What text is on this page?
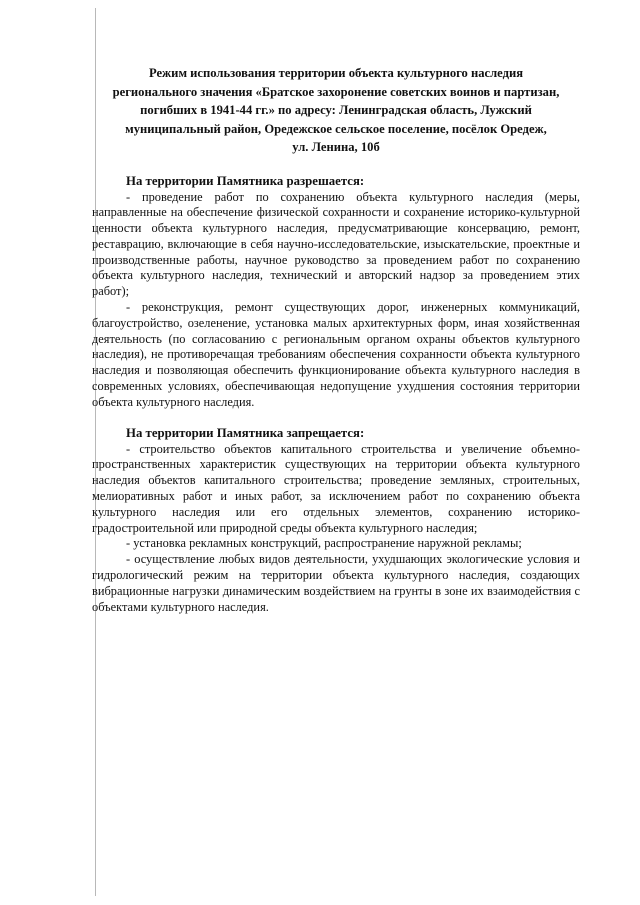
Режим использования территории объекта культурного наследия
регионального значения «Братское захоронение советских воинов и партизан,
погибших в 1941-44 гг.» по адресу: Ленинградская область, Лужский
муниципальный район, Оредежское сельское поселение, посёлок Оредеж,
ул. Ленина, 10б

На территории Памятника разрешается:

- проведение работ по сохранению объекта культурного наследия (меры, направленные на обеспечение физической сохранности и сохранение историко-культурной ценности объекта культурного наследия, предусматривающие консервацию, ремонт, реставрацию, включающие в себя научно-исследовательские, изыскательские, проектные и производственные работы, научное руководство за проведением работ по сохранению объекта культурного наследия, технический и авторский надзор за проведением этих работ);

- реконструкция, ремонт существующих дорог, инженерных коммуникаций, благоустройство, озеленение, установка малых архитектурных форм, иная хозяйственная деятельность (по согласованию с региональным органом охраны объектов культурного наследия), не противоречащая требованиям обеспечения сохранности объекта культурного наследия и позволяющая обеспечить функционирование объекта культурного наследия в современных условиях, обеспечивающая недопущение ухудшения состояния территории объекта культурного наследия.

На территории Памятника запрещается:

- строительство объектов капитального строительства и увеличение объемно-пространственных характеристик существующих на территории объекта культурного наследия объектов капитального строительства; проведение земляных, строительных, мелиоративных работ и иных работ, за исключением работ по сохранению объекта культурного наследия или его отдельных элементов, сохранению историко-градостроительной или природной среды объекта культурного наследия;

- установка рекламных конструкций, распространение наружной рекламы;

- осуществление любых видов деятельности, ухудшающих экологические условия и гидрологический режим на территории объекта культурного наследия, создающих вибрационные нагрузки динамическим воздействием на грунты в зоне их взаимодействия с объектами культурного наследия.
